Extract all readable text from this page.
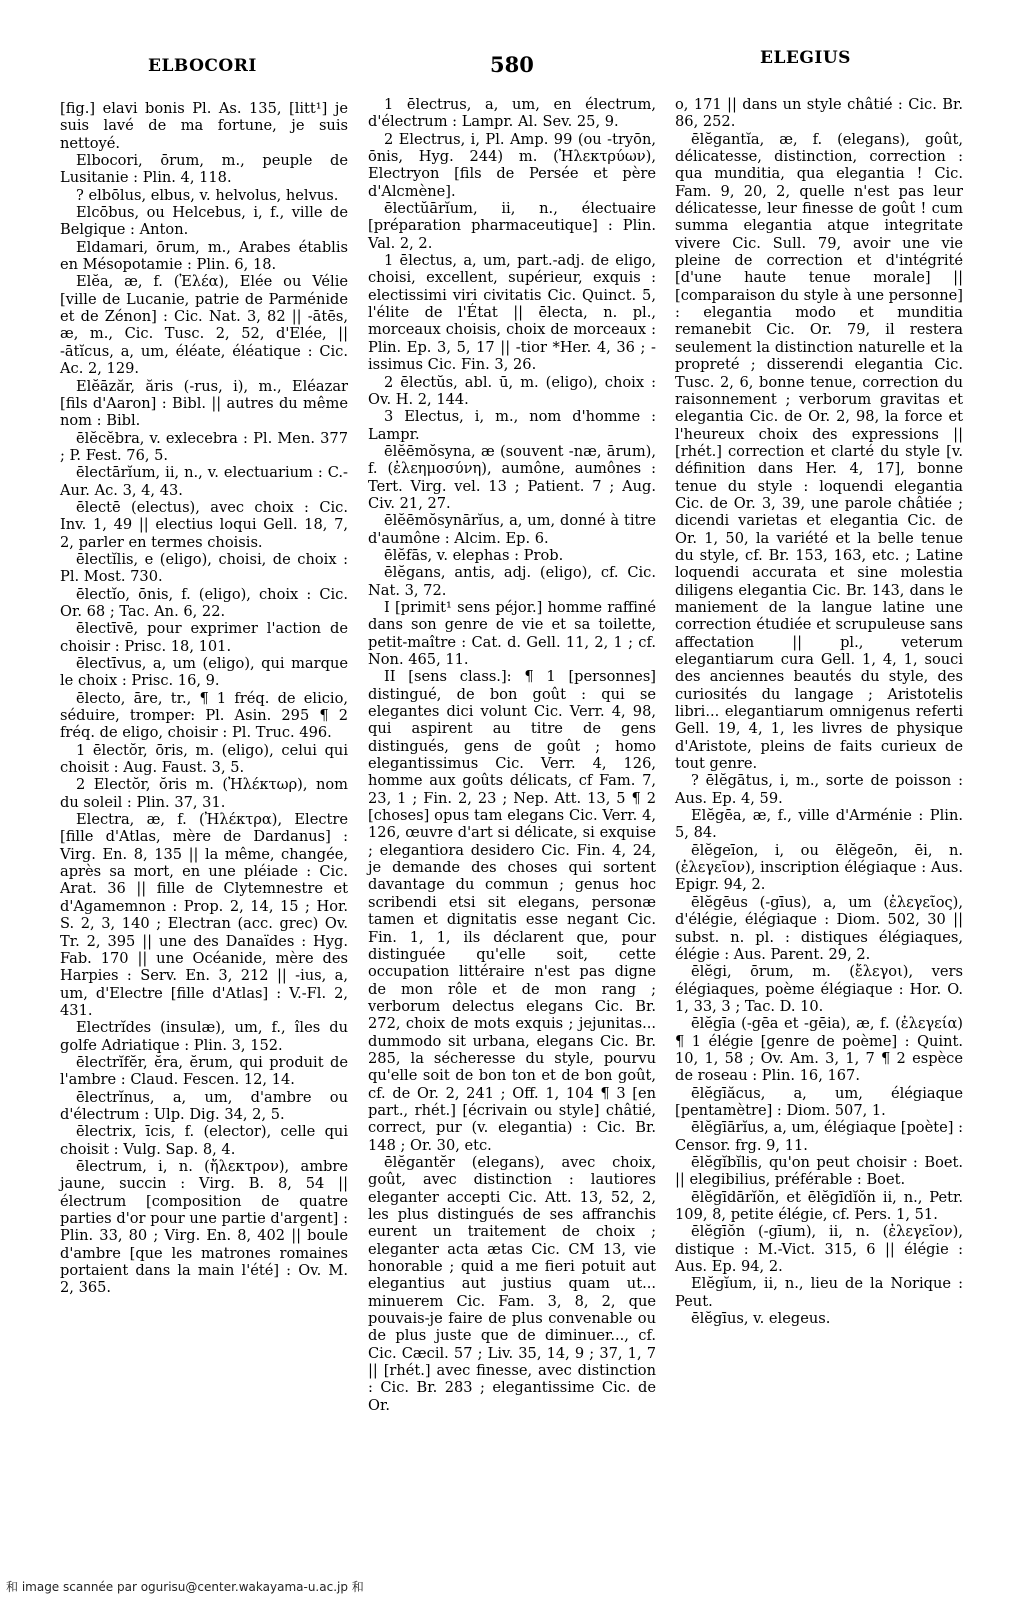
ELBOCORI	580	ELEGIUS

[fig.] elavi bonis Pl. As. 135, [litt¹] je suis lavé de ma fortune, je suis nettoyé.

Elbocori, ōrum, m., peuple de Lusitanie : Plin. 4, 118.

? elbōlus, elbus, v. helvolus, helvus.

Elcōbus, ou Helcebus, i, f., ville de Belgique : Anton.

Eldamari, ōrum, m., Arabes établis en Mésopotamie : Plin. 6, 18.

Elĕa, æ, f. (Ἐλέα), Elée ou Vélie [ville de Lucanie, patrie de Parménide et de Zénon] : Cic. Nat. 3, 82 || -ātēs, æ, m., Cic. Tusc. 2, 52, d'Elée, || -ātĭcus, a, um, éléate, éléatique : Cic. Ac. 2, 129.

Elĕāzăr, ăris (-rus, i), m., Eléazar [fils d'Aaron] : Bibl. || autres du même nom : Bibl.

ēlĕcĕbra, v. exlecebra : Pl. Men. 377 ; P. Fest. 76, 5.

ēlectārĭum, ii, n., v. electuarium : C.-Aur. Ac. 3, 4, 43.

ēlectē (electus), avec choix : Cic. Inv. 1, 49 || electius loqui Gell. 18, 7, 2, parler en termes choisis.

ēlectĭlis, e (eligo), choisi, de choix : Pl. Most. 730.

ēlectĭo, ōnis, f. (eligo), choix : Cic. Or. 68 ; Tac. An. 6, 22.

ēlectīvē, pour exprimer l'action de choisir : Prisc. 18, 101.

ēlectīvus, a, um (eligo), qui marque le choix : Prisc. 16, 9.

ēlecto, āre, tr., ¶ 1 fréq. de elicio, séduire, tromper: Pl. Asin. 295 ¶ 2 fréq. de eligo, choisir : Pl. Truc. 496.

1 ēlectŏr, ōris, m. (eligo), celui qui choisit : Aug. Faust. 3, 5.

2 Electŏr, ŏris m. (Ἠλέκτωρ), nom du soleil : Plin. 37, 31.

Electra, æ, f. (Ἠλέκτρα), Electre [fille d'Atlas, mère de Dardanus] : Virg. En. 8, 135 || la même, changée, après sa mort, en une pléiade : Cic. Arat. 36 || fille de Clytemnestre et d'Agamemnon : Prop. 2, 14, 15 ; Hor. S. 2, 3, 140 ; Electran (acc. grec) Ov. Tr. 2, 395 || une des Danaïdes : Hyg. Fab. 170 || une Océanide, mère des Harpies : Serv. En. 3, 212 || -ius, a, um, d'Electre [fille d'Atlas] : V.-Fl. 2, 431.

Electrĭdes (insulæ), um, f., îles du golfe Adriatique : Plin. 3, 152.

ēlectrĭfĕr, ĕra, ĕrum, qui produit de l'ambre : Claud. Fescen. 12, 14.

ēlectrĭnus, a, um, d'ambre ou d'électrum : Ulp. Dig. 34, 2, 5.

ēlectrix, īcis, f. (elector), celle qui choisit : Vulg. Sap. 8, 4.

ēlectrum, i, n. (ἤλεκτρον), ambre jaune, succin : Virg. B. 8, 54 || électrum [composition de quatre parties d'or pour une partie d'argent] : Plin. 33, 80 ; Virg. En. 8, 402 || boule d'ambre [que les matrones romaines portaient dans la main l'été] : Ov. M. 2, 365.

1 ēlectrus, a, um, en électrum, d'électrum : Lampr. Al. Sev. 25, 9.

2 Electrus, i, Pl. Amp. 99 (ou -tryōn, ōnis, Hyg. 244) m. (Ἠλεκτρύων), Electryon [fils de Persée et père d'Alcmène].

ēlectŭārĭum, ii, n., électuaire [préparation pharmaceutique] : Plin. Val. 2, 2.

1 ēlectus, a, um, part.-adj. de eligo, choisi, excellent, supérieur, exquis : electissimi viri civitatis Cic. Quinct. 5, l'élite de l'État || ēlecta, n. pl., morceaux choisis, choix de morceaux : Plin. Ep. 3, 5, 17 || -tior *Her. 4, 36 ; -issimus Cic. Fin. 3, 26.

2 ēlectŭs, abl. ū, m. (eligo), choix : Ov. H. 2, 144.

3 Electus, i, m., nom d'homme : Lampr.

ēlĕēmŏsyna, æ (souvent -næ, ārum), f. (ἐλεημοσύνη), aumône, aumônes : Tert. Virg. vel. 13 ; Patient. 7 ; Aug. Civ. 21, 27.

ēlĕēmŏsynārĭus, a, um, donné à titre d'aumône : Alcim. Ep. 6.

ēlĕfās, v. elephas : Prob.

ēlĕgans, antis, adj. (eligo), cf. Cic. Nat. 3, 72.

I [primit¹ sens péjor.] homme raffiné dans son genre de vie et sa toilette, petit-maître : Cat. d. Gell. 11, 2, 1 ; cf. Non. 465, 11.

II [sens class.]: ¶ 1 [personnes] distingué, de bon goût : qui se elegantes dici volunt Cic. Verr. 4, 98, qui aspirent au titre de gens distingués, gens de goût ; homo elegantissimus Cic. Verr. 4, 126, homme aux goûts délicats, cf Fam. 7, 23, 1 ; Fin. 2, 23 ; Nep. Att. 13, 5 ¶ 2 [choses] opus tam elegans Cic. Verr. 4, 126, œuvre d'art si délicate, si exquise ; elegantiora desidero Cic. Fin. 4, 24, je demande des choses qui sortent davantage du commun ; genus hoc scribendi etsi sit elegans, personæ tamen et dignitatis esse negant Cic. Fin. 1, 1, ils déclarent que, pour distinguée qu'elle soit, cette occupation littéraire n'est pas digne de mon rôle et de mon rang ; verborum delectus elegans Cic. Br. 272, choix de mots exquis ; jejunitas... dummodo sit urbana, elegans Cic. Br. 285, la sécheresse du style, pourvu qu'elle soit de bon ton et de bon goût, cf. de Or. 2, 241 ; Off. 1, 104 ¶ 3 [en part., rhét.] [écrivain ou style] châtié, correct, pur (v. elegantia) : Cic. Br. 148 ; Or. 30, etc.

ēlĕgantĕr (elegans), avec choix, goût, avec distinction : lautiores eleganter accepti Cic. Att. 13, 52, 2, les plus distingués de ses affranchis eurent un traitement de choix ; eleganter acta ætas Cic. CM 13, vie honorable ; quid a me fieri potuit aut elegantius aut justius quam ut... minuerem Cic. Fam. 3, 8, 2, que pouvais-je faire de plus convenable ou de plus juste que de diminuer..., cf. Cic. Cæcil. 57 ; Liv. 35, 14, 9 ; 37, 1, 7 || [rhét.] avec finesse, avec distinction : Cic. Br. 283 ; elegantissime Cic. de Or.

o, 171 || dans un style châtié : Cic. Br. 86, 252.

ēlĕgantĭa, æ, f. (elegans), goût, délicatesse, distinction, correction : qua munditia, qua elegantia ! Cic. Fam. 9, 20, 2, quelle n'est pas leur délicatesse, leur finesse de goût ! cum summa elegantia atque integritate vivere Cic. Sull. 79, avoir une vie pleine de correction et d'intégrité [d'une haute tenue morale] || [comparaison du style à une personne] : elegantia modo et munditia remanebit Cic. Or. 79, il restera seulement la distinction naturelle et la propreté ; disserendi elegantia Cic. Tusc. 2, 6, bonne tenue, correction du raisonnement ; verborum gravitas et elegantia Cic. de Or. 2, 98, la force et l'heureux choix des expressions || [rhét.] correction et clarté du style [v. définition dans Her. 4, 17], bonne tenue du style : loquendi elegantia Cic. de Or. 3, 39, une parole châtiée ; dicendi varietas et elegantia Cic. de Or. 1, 50, la variété et la belle tenue du style, cf. Br. 153, 163, etc. ; Latine loquendi accurata et sine molestia diligens elegantia Cic. Br. 143, dans le maniement de la langue latine une correction étudiée et scrupuleuse sans affectation || pl., veterum elegantiarum cura Gell. 1, 4, 1, souci des anciennes beautés du style, des curiosités du langage ; Aristotelis libri... elegantiarum omnigenus referti Gell. 19, 4, 1, les livres de physique d'Aristote, pleins de faits curieux de tout genre.

? ēlĕgātus, i, m., sorte de poisson : Aus. Ep. 4, 59.

Elĕgēa, æ, f., ville d'Arménie : Plin. 5, 84.

ēlĕgeīon, i, ou ēlĕgeōn, ēi, n. (ἐλεγεῖον), inscription élégiaque : Aus. Epigr. 94, 2.

ēlĕgēus (-gīus), a, um (ἐλεγεῖος), d'élégie, élégiaque : Diom. 502, 30 || subst. n. pl. : distiques élégiaques, élégie : Aus. Parent. 29, 2.

ēlĕgi, ōrum, m. (ἔλεγοι), vers élégiaques, poème élégiaque : Hor. O. 1, 33, 3 ; Tac. D. 10.

ēlĕgīa (-gēa et -gēia), æ, f. (ἐλεγεία) ¶ 1 élégie [genre de poème] : Quint. 10, 1, 58 ; Ov. Am. 3, 1, 7 ¶ 2 espèce de roseau : Plin. 16, 167.

ēlĕgīăcus, a, um, élégiaque [pentamètre] : Diom. 507, 1.

ēlĕgīārĭus, a, um, élégiaque [poète] : Censor. frg. 9, 11.

ēlĕgĭbĭlis, qu'on peut choisir : Boet. || elegibilius, préférable : Boet.

ēlĕgīdārĭŏn, et ēlĕgīdĭŏn ii, n., Petr. 109, 8, petite élégie, cf. Pers. 1, 51.

ēlĕgīŏn (-gīum), ii, n. (ἐλεγεῖον), distique : M.-Vict. 315, 6 || élégie : Aus. Ep. 94, 2.

Elĕgĭum, ii, n., lieu de la Norique : Peut.

ēlĕgīus, v. elegeus.

和 image scannée par ogurisu@center.wakayama-u.ac.jp 和
